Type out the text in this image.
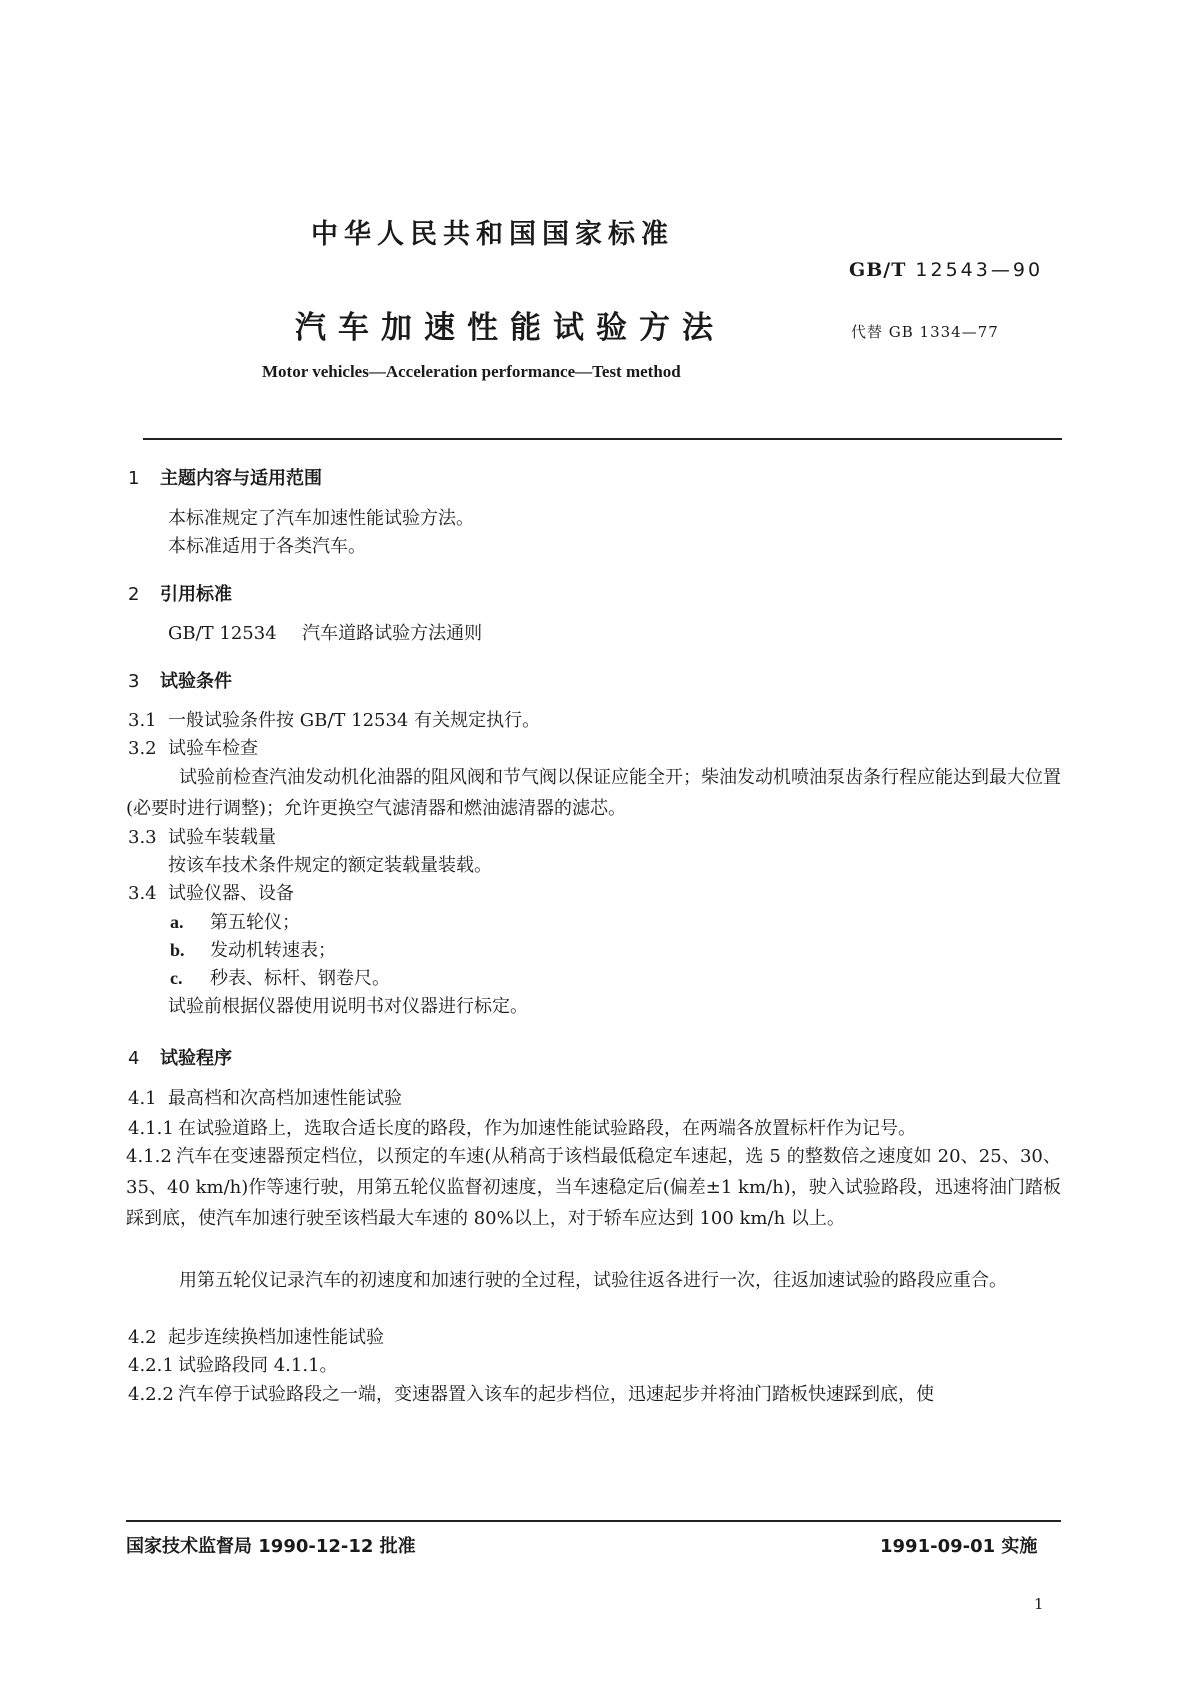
中华人民共和国国家标准
GB/T 12543—90
汽车加速性能试验方法	代替 GB 1334—77
Motor vehicles—Acceleration performance—Test method
1 主题内容与适用范围
本标准规定了汽车加速性能试验方法。
本标准适用于各类汽车。
2 引用标准
GB/T 12534 汽车道路试验方法通则
3 试验条件
3.1 一般试验条件按 GB/T 12534 有关规定执行。
3.2 试验车检查
试验前检查汽油发动机化油器的阻风阀和节气阀以保证应能全开；柴油发动机喷油泵齿条行程应能达到最大位置(必要时进行调整)；允许更换空气滤清器和燃油滤清器的滤芯。
3.3 试验车装载量
按该车技术条件规定的额定装载量装载。
3.4 试验仪器、设备
a. 第五轮仪；
b. 发动机转速表；
c. 秒表、标杆、钢卷尺。
试验前根据仪器使用说明书对仪器进行标定。
4 试验程序
4.1 最高档和次高档加速性能试验
4.1.1 在试验道路上，选取合适长度的路段，作为加速性能试验路段，在两端各放置标杆作为记号。
4.1.2 汽车在变速器预定档位，以预定的车速(从稍高于该档最低稳定车速起，选 5 的整数倍之速度如 20、25、30、35、40 km/h)作等速行驶，用第五轮仪监督初速度，当车速稳定后(偏差±1 km/h)，驶入试验路段，迅速将油门踏板踩到底，使汽车加速行驶至该档最大车速的 80%以上，对于轿车应达到 100 km/h 以上。
用第五轮仪记录汽车的初速度和加速行驶的全过程，试验往返各进行一次，往返加速试验的路段应重合。
4.2 起步连续换档加速性能试验
4.2.1 试验路段同 4.1.1。
4.2.2 汽车停于试验路段之一端，变速器置入该车的起步档位，迅速起步并将油门踏板快速踩到底，使
国家技术监督局 1990-12-12 批准	1991-09-01 实施
1
